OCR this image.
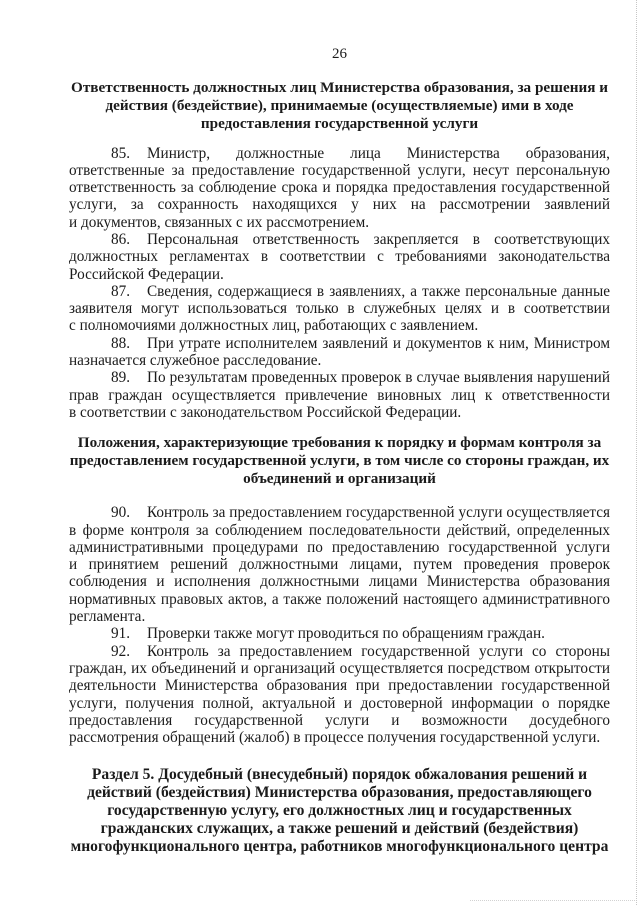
26
Ответственность должностных лиц Министерства образования, за решения и действия (бездействие), принимаемые (осуществляемые) ими в ходе предоставления государственной услуги

85. Министр, должностные лица Министерства образования, ответственные за предоставление государственной услуги, несут персональную ответственность за соблюдение срока и порядка предоставления государственной услуги, за сохранность находящихся у них на рассмотрении заявлений и документов, связанных с их рассмотрением.

86. Персональная ответственность закрепляется в соответствующих должностных регламентах в соответствии с требованиями законодательства Российской Федерации.

87. Сведения, содержащиеся в заявлениях, а также персональные данные заявителя могут использоваться только в служебных целях и в соответствии с полномочиями должностных лиц, работающих с заявлением.

88. При утрате исполнителем заявлений и документов к ним, Министром назначается служебное расследование.

89. По результатам проведенных проверок в случае выявления нарушений прав граждан осуществляется привлечение виновных лиц к ответственности в соответствии с законодательством Российской Федерации.

Положения, характеризующие требования к порядку и формам контроля за предоставлением государственной услуги, в том числе со стороны граждан, их объединений и организаций

90. Контроль за предоставлением государственной услуги осуществляется в форме контроля за соблюдением последовательности действий, определенных административными процедурами по предоставлению государственной услуги и принятием решений должностными лицами, путем проведения проверок соблюдения и исполнения должностными лицами Министерства образования нормативных правовых актов, а также положений настоящего административного регламента.

91. Проверки также могут проводиться по обращениям граждан.

92. Контроль за предоставлением государственной услуги со стороны граждан, их объединений и организаций осуществляется посредством открытости деятельности Министерства образования при предоставлении государственной услуги, получения полной, актуальной и достоверной информации о порядке предоставления государственной услуги и возможности досудебного рассмотрения обращений (жалоб) в процессе получения государственной услуги.

Раздел 5. Досудебный (внесудебный) порядок обжалования решений и действий (бездействия) Министерства образования, предоставляющего государственную услугу, его должностных лиц и государственных гражданских служащих, а также решений и действий (бездействия) многофункционального центра, работников многофункционального центра
